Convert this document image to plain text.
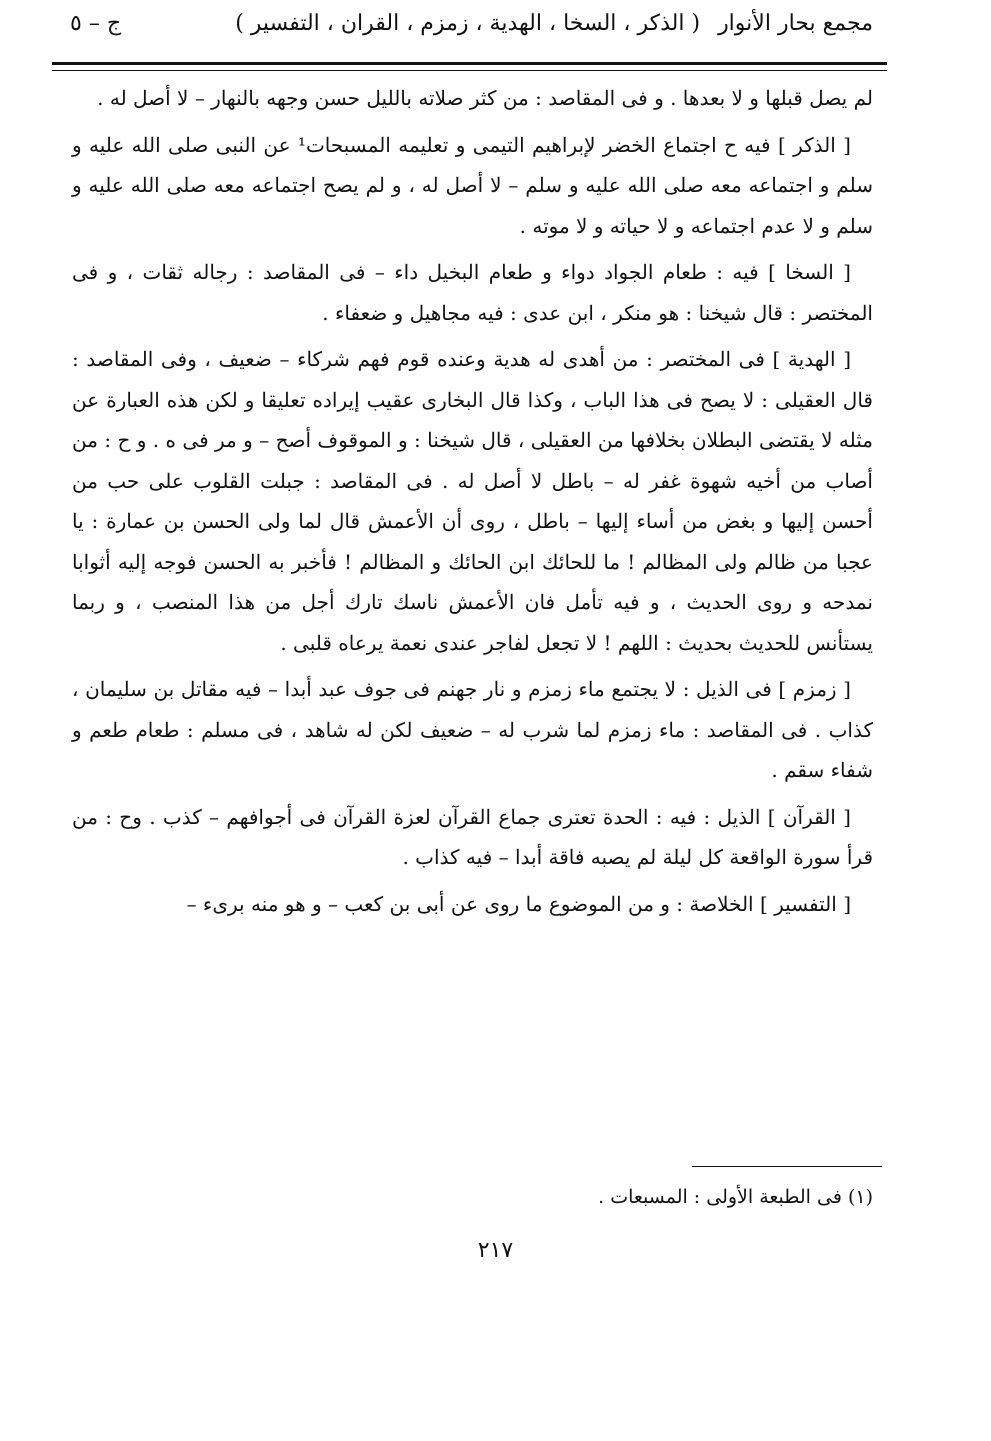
مجمع بحار الأنوار
( الذكر ، السخا ، الهدية ، زمزم ، القران ، التفسير )
ج – ٥

لم يصل قبلها و لا بعدها . و فى المقاصد : من كثر صلاته بالليل حسن وجهه بالنهار – لا أصل له .

[ الذكر ] فيه ح اجتماع الخضر لإبراهيم التيمى و تعليمه المسبحات¹ عن النبى صلى الله عليه و سلم و اجتماعه معه صلى الله عليه و سلم – لا أصل له ، و لم يصح اجتماعه معه صلى الله عليه و سلم و لا عدم اجتماعه و لا حياته و لا موته .

[ السخا ] فيه : طعام الجواد دواء و طعام البخيل داء – فى المقاصد : رجاله ثقات ، و فى المختصر : قال شيخنا : هو منكر ، ابن عدى : فيه مجاهيل و ضعفاء .

[ الهدية ] فى المختصر : من أهدى له هدية وعنده قوم فهم شركاء – ضعيف ، وفى المقاصد : قال العقيلى : لا يصح فى هذا الباب ، وكذا قال البخارى عقيب إيراده تعليقا و لكن هذه العبارة عن مثله لا يقتضى البطلان بخلافها من العقيلى ، قال شيخنا : و الموقوف أصح – و مر فى ه . و ح : من أصاب من أخيه شهوة غفر له – باطل لا أصل له . فى المقاصد : جبلت القلوب على حب من أحسن إليها و بغض من أساء إليها – باطل ، روى أن الأعمش قال لما ولى الحسن بن عمارة : يا عجبا من ظالم ولى المظالم ! ما للحائك ابن الحائك و المظالم ! فأخبر به الحسن فوجه إليه أثوابا نمدحه و روى الحديث ، و فيه تأمل فان الأعمش ناسك تارك أجل من هذا المنصب ، و ربما يستأنس للحديث بحديث : اللهم ! لا تجعل لفاجر عندى نعمة يرعاه قلبى .

[ زمزم ] فى الذيل : لا يجتمع ماء زمزم و نار جهنم فى جوف عبد أبدا – فيه مقاتل بن سليمان ، كذاب . فى المقاصد : ماء زمزم لما شرب له – ضعيف لكن له شاهد ، فى مسلم : طعام طعم و شفاء سقم .

[ القرآن ] الذيل : فيه : الحدة تعترى جماع القرآن لعزة القرآن فى أجوافهم – كذب . وح : من قرأ سورة الواقعة كل ليلة لم يصبه فاقة أبدا – فيه كذاب .

[ التفسير ] الخلاصة : و من الموضوع ما روى عن أبى بن كعب – و هو منه برىء –

(١) فى الطبعة الأولى : المسبعات .
٢١٧
